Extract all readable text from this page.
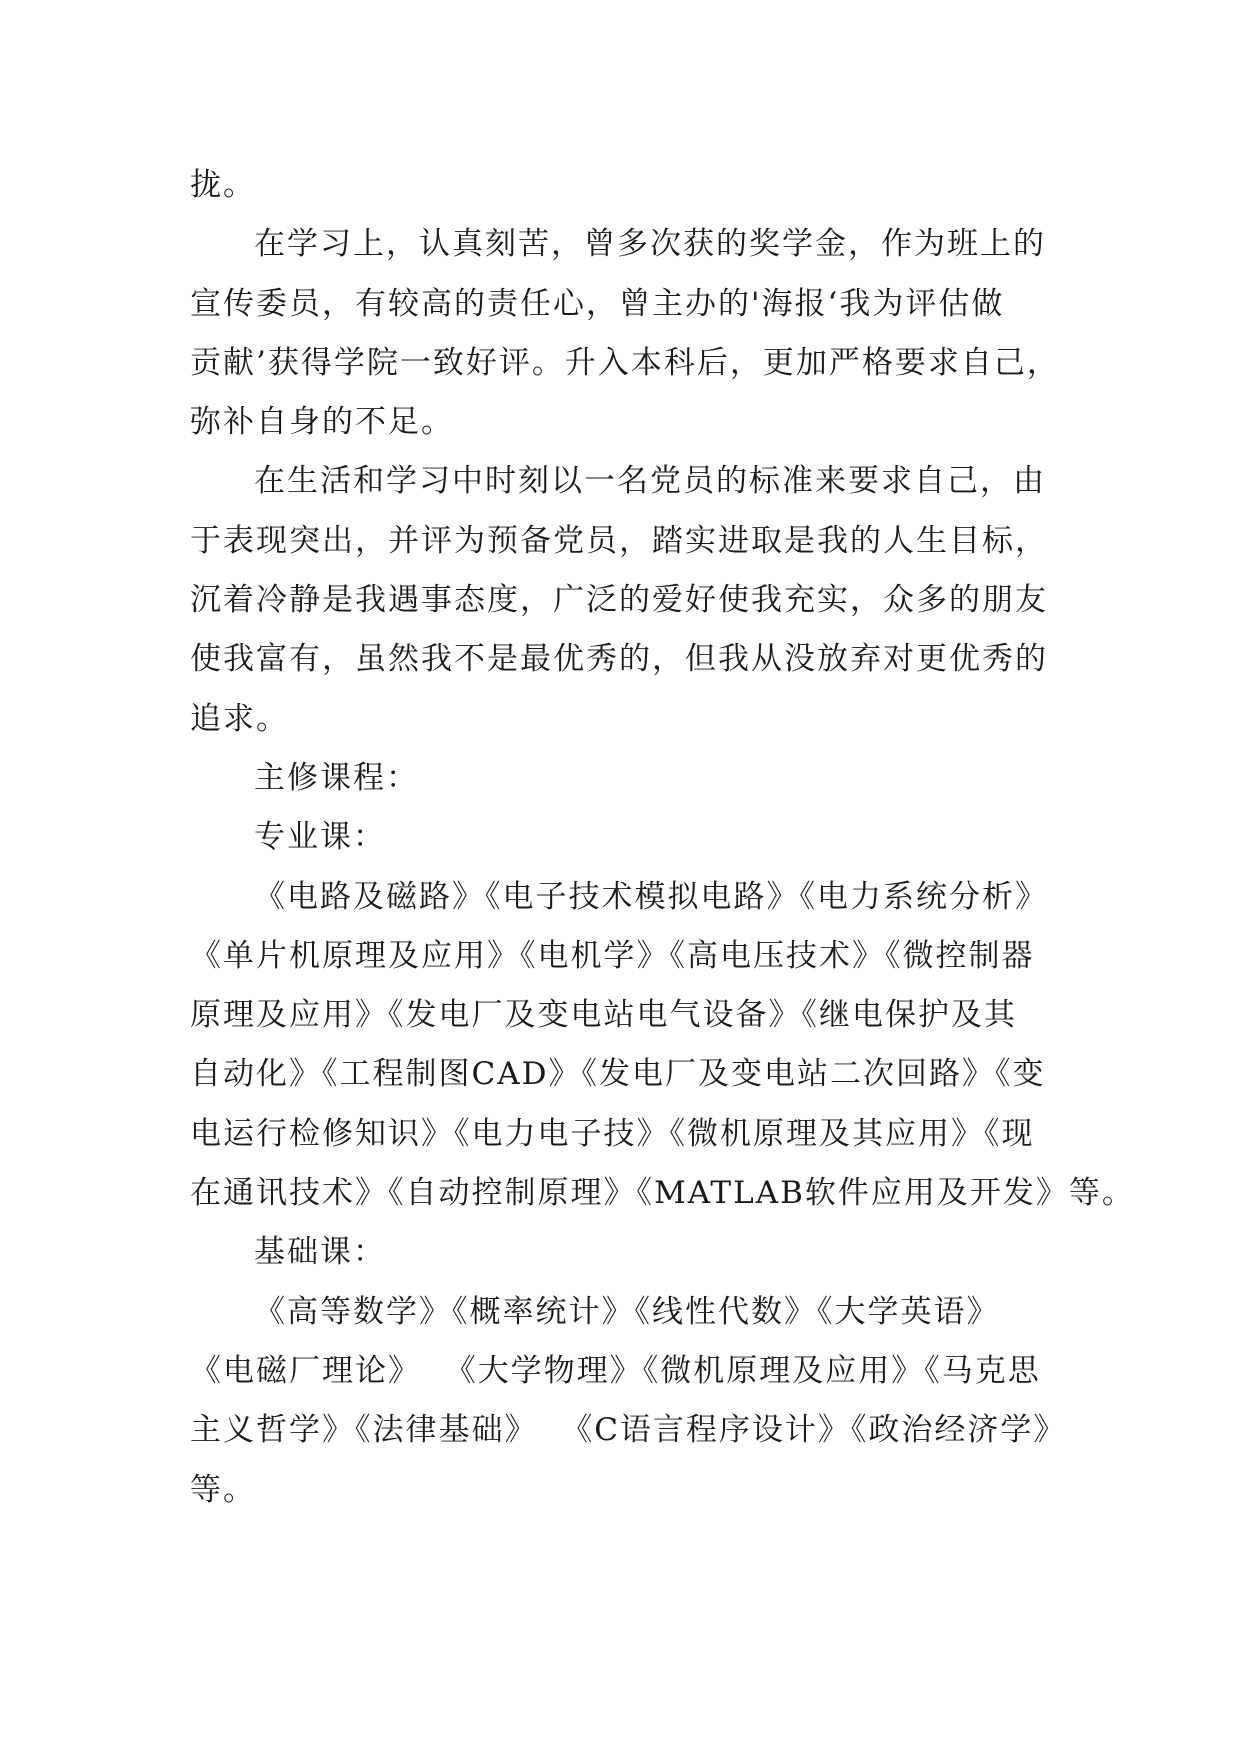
拢。
在学习上，认真刻苦，曾多次获的奖学金，作为班上的
宣传委员，有较高的责任心，曾主办的'海报‘我为评估做
贡献’获得学院一致好评。升入本科后，更加严格要求自己，
弥补自身的不足。
在生活和学习中时刻以一名党员的标准来要求自己，由
于表现突出，并评为预备党员，踏实进取是我的人生目标，
沉着冷静是我遇事态度，广泛的爱好使我充实，众多的朋友
使我富有，虽然我不是最优秀的，但我从没放弃对更优秀的
追求。
主修课程：
专业课：
《电路及磁路》《电子技术模拟电路》《电力系统分析》
《单片机原理及应用》《电机学》《高电压技术》《微控制器
原理及应用》《发电厂及变电站电气设备》《继电保护及其
自动化》《工程制图CAD》《发电厂及变电站二次回路》《变
电运行检修知识》《电力电子技》《微机原理及其应用》《现
在通讯技术》《自动控制原理》《MATLAB软件应用及开发》等。
基础课：
《高等数学》《概率统计》《线性代数》《大学英语》
《电磁厂理论》  《大学物理》《微机原理及应用》《马克思
主义哲学》《法律基础》  《C语言程序设计》《政治经济学》
等。
